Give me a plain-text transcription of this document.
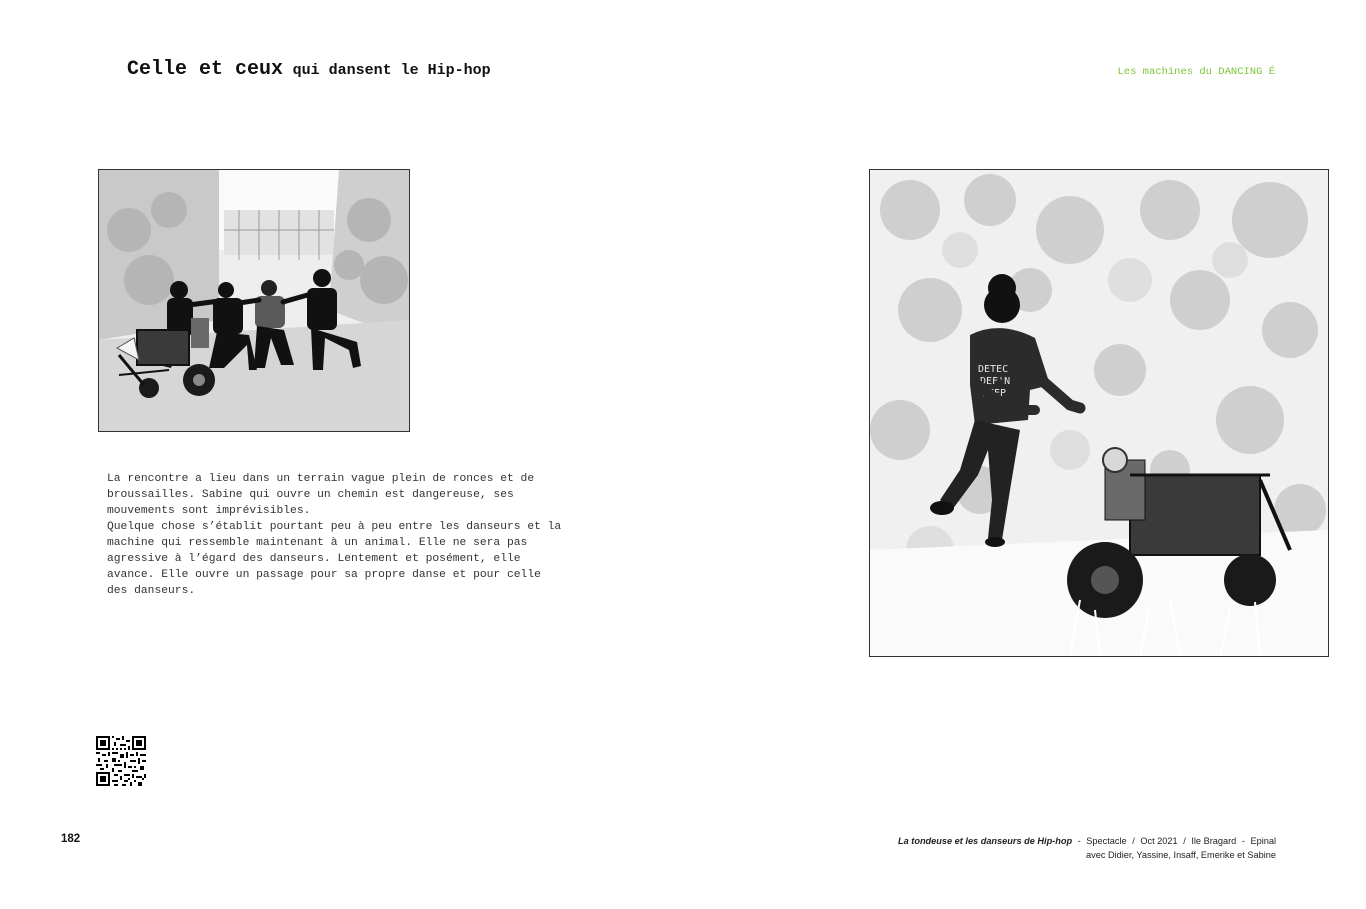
Celle et ceux qui dansent le Hip-hop	Les machines du DANCING É
DETEC
DEF'N
LEEP

La rencontre a lieu dans un terrain vague plein de ronces et de broussailles. Sabine qui ouvre un chemin est dangereuse, ses mouvements sont imprévisibles.

Quelque chose s’établit pourtant peu à peu entre les danseurs et la machine qui ressemble maintenant à un animal. Elle ne sera pas agressive à l’égard des danseurs. Lentement et posément, elle avance. Elle ouvre un passage pour sa propre danse et pour celle des danseurs.

182	La tondeuse et les danseurs de Hip-hop - Spectacle / Oct 2021 / Ile Bragard - Epinal
avec Didier, Yassine, Insaff, Emerike et Sabine
